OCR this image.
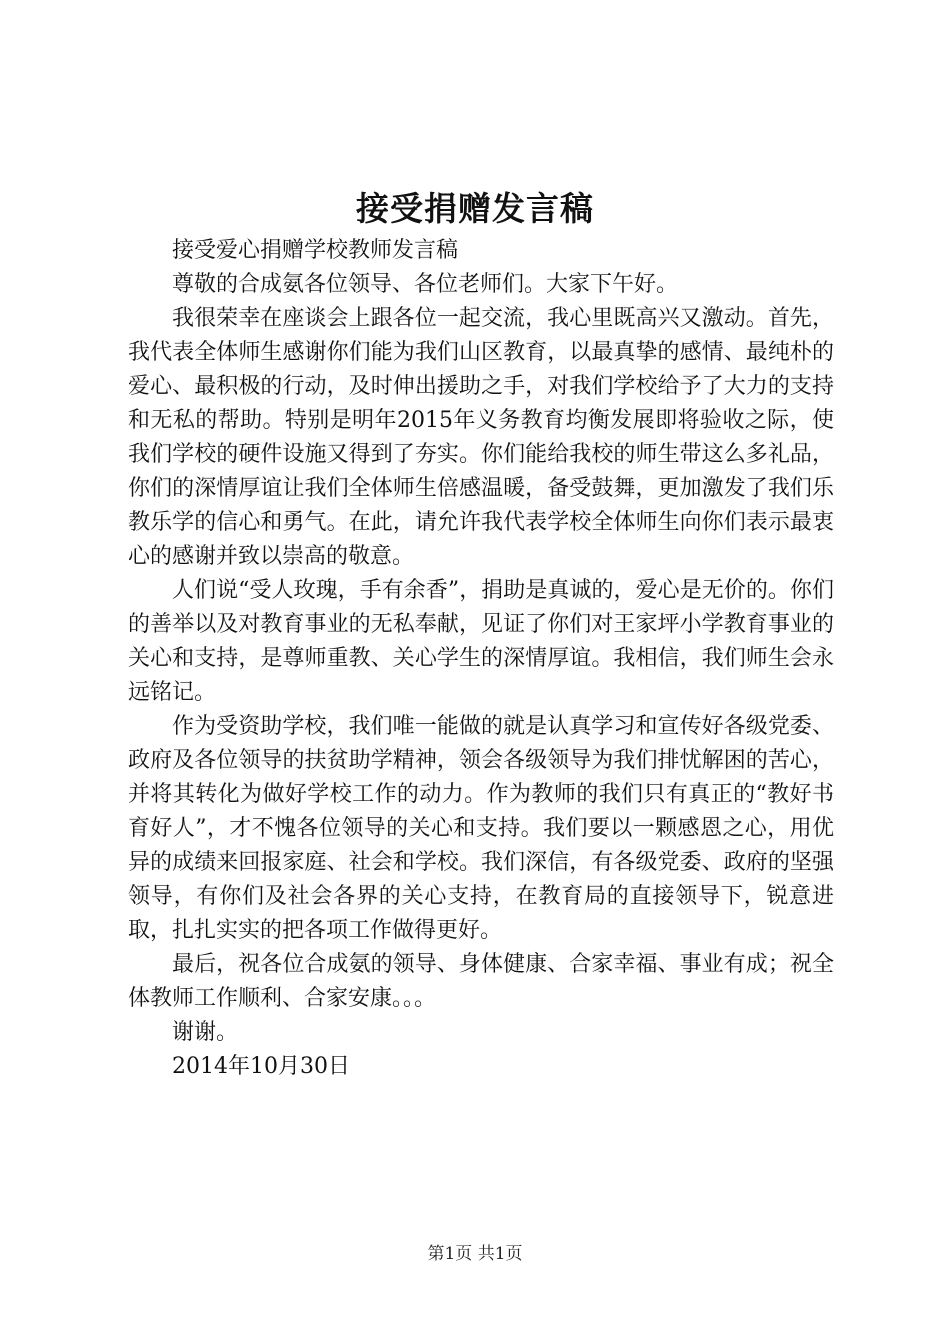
接受捐赠发言稿

接受爱心捐赠学校教师发言稿

尊敬的合成氨各位领导、各位老师们。大家下午好。

我很荣幸在座谈会上跟各位一起交流，我心里既高兴又激动。首先，我代表全体师生感谢你们能为我们山区教育，以最真挚的感情、最纯朴的爱心、最积极的行动，及时伸出援助之手，对我们学校给予了大力的支持和无私的帮助。特别是明年2015年义务教育均衡发展即将验收之际，使我们学校的硬件设施又得到了夯实。你们能给我校的师生带这么多礼品，你们的深情厚谊让我们全体师生倍感温暖，备受鼓舞，更加激发了我们乐教乐学的信心和勇气。在此，请允许我代表学校全体师生向你们表示最衷心的感谢并致以崇高的敬意。

人们说“受人玫瑰，手有余香”，捐助是真诚的，爱心是无价的。你们的善举以及对教育事业的无私奉献，见证了你们对王家坪小学教育事业的关心和支持，是尊师重教、关心学生的深情厚谊。我相信，我们师生会永远铭记。

作为受资助学校，我们唯一能做的就是认真学习和宣传好各级党委、政府及各位领导的扶贫助学精神，领会各级领导为我们排忧解困的苦心，并将其转化为做好学校工作的动力。作为教师的我们只有真正的“教好书育好人”，才不愧各位领导的关心和支持。我们要以一颗感恩之心，用优异的成绩来回报家庭、社会和学校。我们深信，有各级党委、政府的坚强领导，有你们及社会各界的关心支持，在教育局的直接领导下，锐意进取，扎扎实实的把各项工作做得更好。

最后，祝各位合成氨的领导、身体健康、合家幸福、事业有成；祝全体教师工作顺利、合家安康。。。

谢谢。

2014年10月30日

第1页 共1页
